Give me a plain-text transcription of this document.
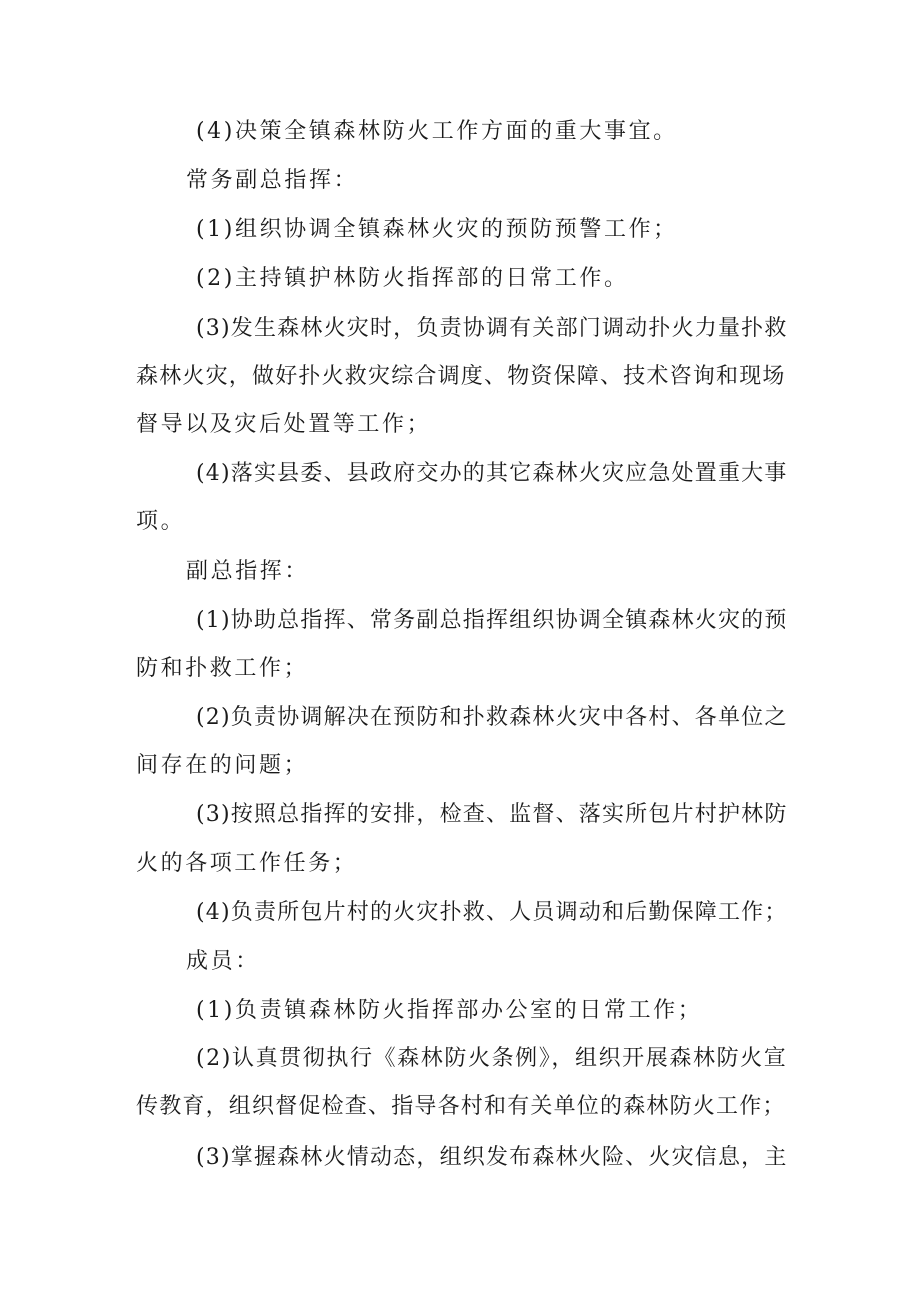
(4)决策全镇森林防火工作方面的重大事宜。
常务副总指挥：
(1)组织协调全镇森林火灾的预防预警工作；
(2)主持镇护林防火指挥部的日常工作。
(3)发生森林火灾时，负责协调有关部门调动扑火力量扑救
森林火灾，做好扑火救灾综合调度、物资保障、技术咨询和现场
督导以及灾后处置等工作；
(4)落实县委、县政府交办的其它森林火灾应急处置重大事
项。
副总指挥：
(1)协助总指挥、常务副总指挥组织协调全镇森林火灾的预
防和扑救工作；
(2)负责协调解决在预防和扑救森林火灾中各村、各单位之
间存在的问题；
(3)按照总指挥的安排，检查、监督、落实所包片村护林防
火的各项工作任务；
(4)负责所包片村的火灾扑救、人员调动和后勤保障工作；
成员：
(1)负责镇森林防火指挥部办公室的日常工作；
(2)认真贯彻执行《森林防火条例》，组织开展森林防火宣
传教育，组织督促检查、指导各村和有关单位的森林防火工作；
(3)掌握森林火情动态，组织发布森林火险、火灾信息，主
